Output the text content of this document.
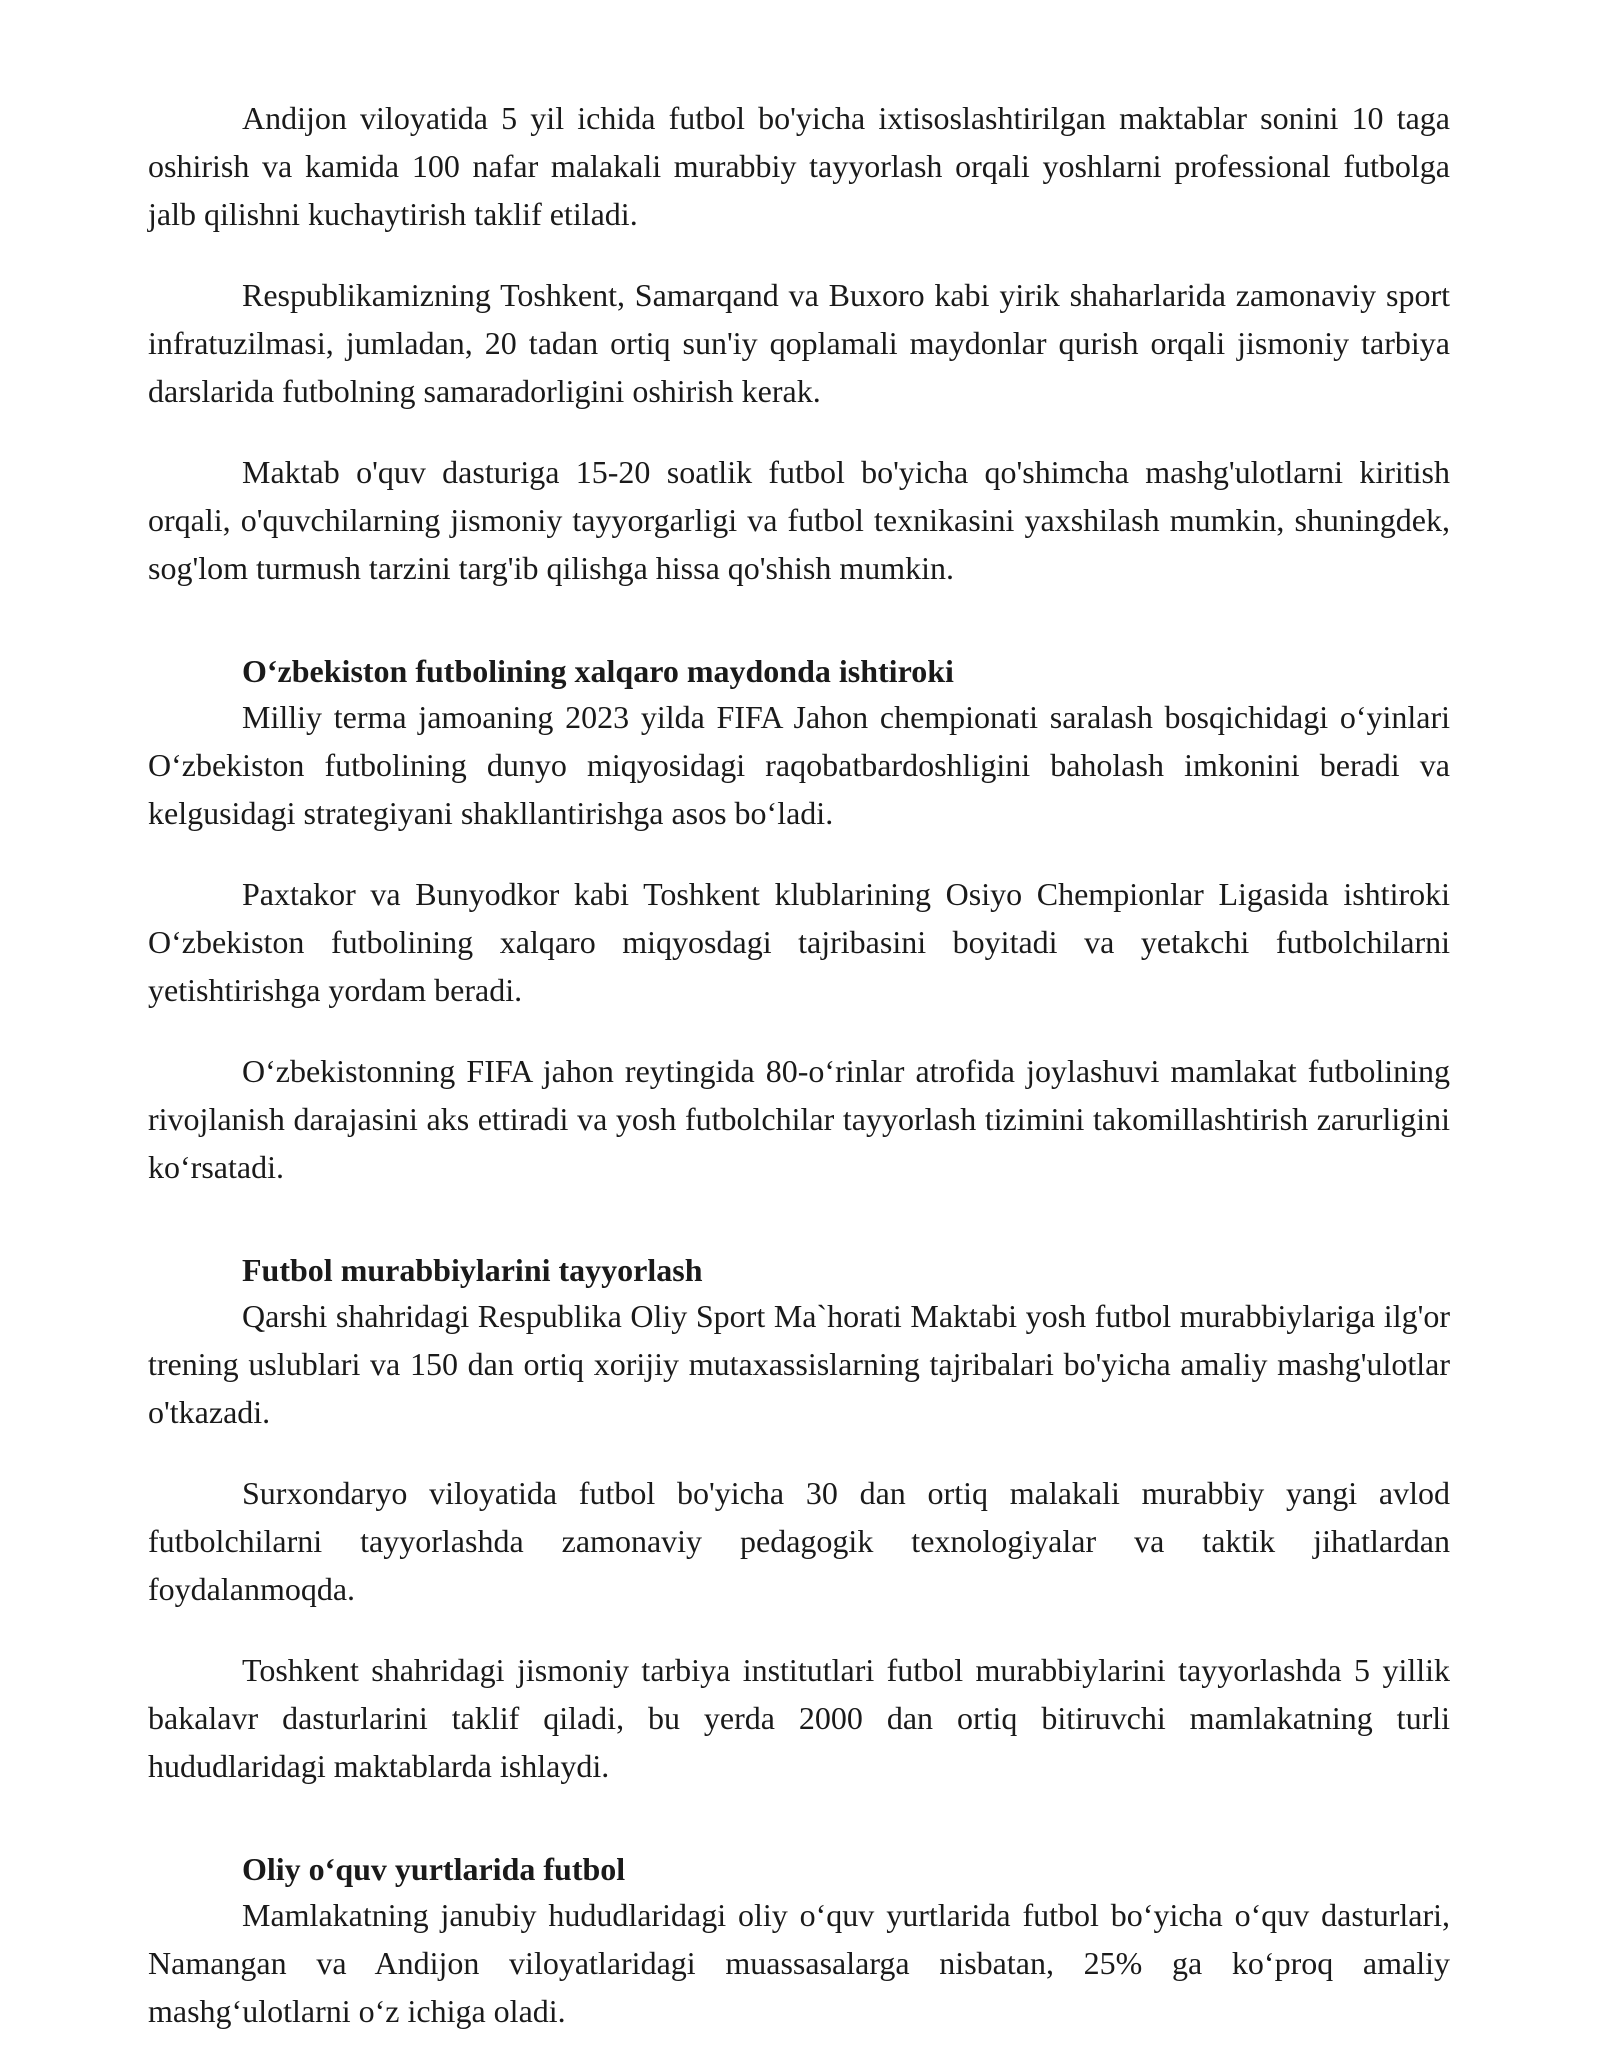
Andijon viloyatida 5 yil ichida futbol bo'yicha ixtisoslashtirilgan maktablar sonini 10 taga oshirish va kamida 100 nafar malakali murabbiy tayyorlash orqali yoshlarni professional futbolga jalb qilishni kuchaytirish taklif etiladi.

Respublikamizning Toshkent, Samarqand va Buxoro kabi yirik shaharlarida zamonaviy sport infratuzilmasi, jumladan, 20 tadan ortiq sun'iy qoplamali maydonlar qurish orqali jismoniy tarbiya darslarida futbolning samaradorligini oshirish kerak.

Maktab o'quv dasturiga 15-20 soatlik futbol bo'yicha qo'shimcha mashg'ulotlarni kiritish orqali, o'quvchilarning jismoniy tayyorgarligi va futbol texnikasini yaxshilash mumkin, shuningdek, sog'lom turmush tarzini targ'ib qilishga hissa qo'shish mumkin.

O‘zbekiston futbolining xalqaro maydonda ishtiroki

Milliy terma jamoaning 2023 yilda FIFA Jahon chempionati saralash bosqichidagi o‘yinlari O‘zbekiston futbolining dunyo miqyosidagi raqobatbardoshligini baholash imkonini beradi va kelgusidagi strategiyani shakllantirishga asos bo‘ladi.

Paxtakor va Bunyodkor kabi Toshkent klublarining Osiyo Chempionlar Ligasida ishtiroki O‘zbekiston futbolining xalqaro miqyosdagi tajribasini boyitadi va yetakchi futbolchilarni yetishtirishga yordam beradi.

O‘zbekistonning FIFA jahon reytingida 80-o‘rinlar atrofida joylashuvi mamlakat futbolining rivojlanish darajasini aks ettiradi va yosh futbolchilar tayyorlash tizimini takomillashtirish zarurligini ko‘rsatadi.

Futbol murabbiylarini tayyorlash

Qarshi shahridagi Respublika Oliy Sport Ma`horati Maktabi yosh futbol murabbiylariga ilg'or trening uslublari va 150 dan ortiq xorijiy mutaxassislarning tajribalari bo'yicha amaliy mashg'ulotlar o'tkazadi.

Surxondaryo viloyatida futbol bo'yicha 30 dan ortiq malakali murabbiy yangi avlod futbolchilarni tayyorlashda zamonaviy pedagogik texnologiyalar va taktik jihatlardan foydalanmoqda.

Toshkent shahridagi jismoniy tarbiya institutlari futbol murabbiylarini tayyorlashda 5 yillik bakalavr dasturlarini taklif qiladi, bu yerda 2000 dan ortiq bitiruvchi mamlakatning turli hududlaridagi maktablarda ishlaydi.

Oliy o‘quv yurtlarida futbol

Mamlakatning janubiy hududlaridagi oliy o‘quv yurtlarida futbol bo‘yicha o‘quv dasturlari, Namangan va Andijon viloyatlaridagi muassasalarga nisbatan, 25% ga ko‘proq amaliy mashg‘ulotlarni o‘z ichiga oladi.
